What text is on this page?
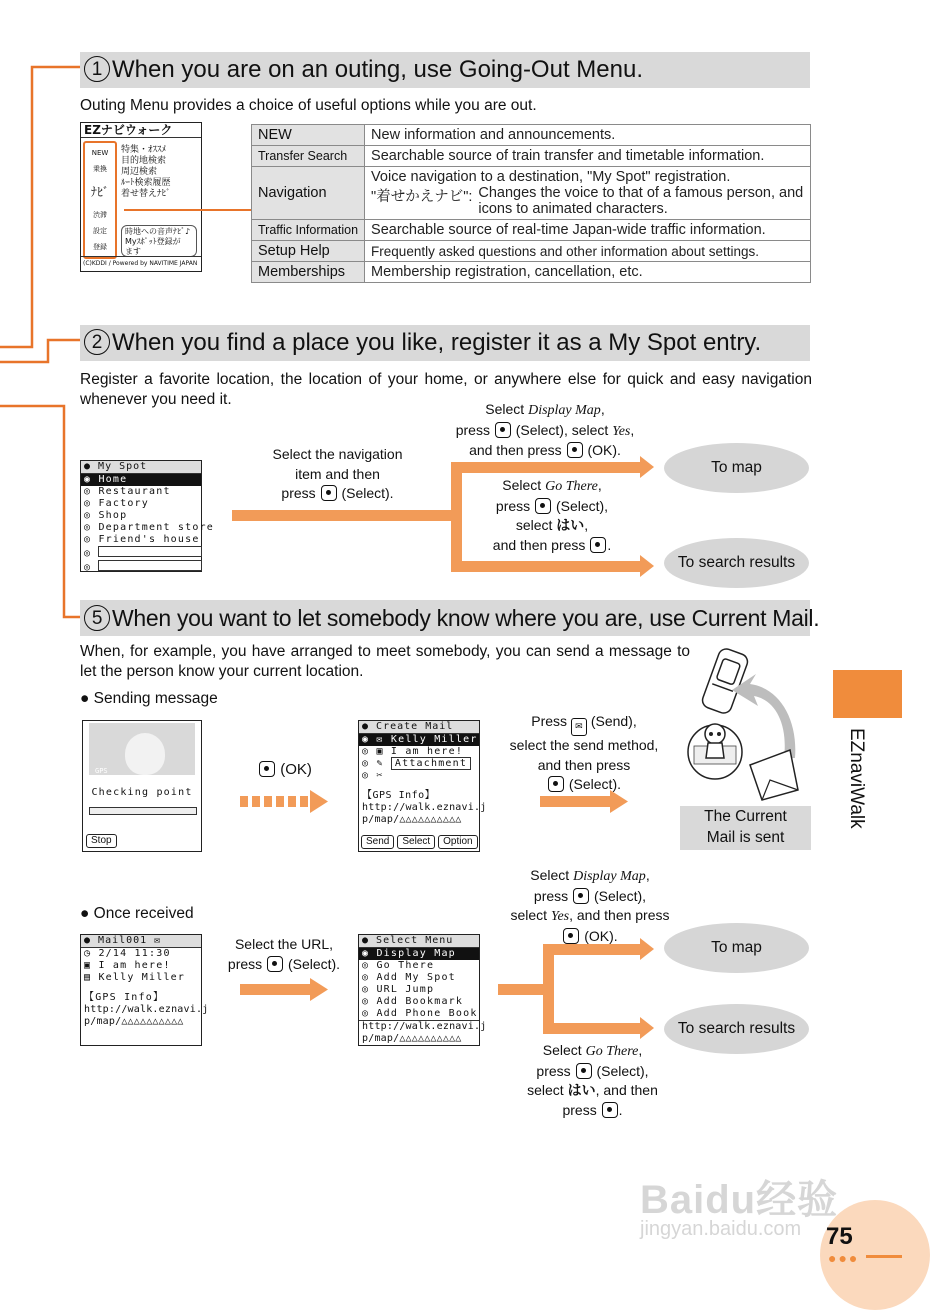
1 When you are on an outing, use Going-Out Menu.
Outing Menu provides a choice of useful options while you are out.
EZナビウォーク
NEW
乗換
ﾅﾋﾞ
渋滞
設定
登録
特集・ｵｽｽﾒ
目的地検索
周辺検索
ﾙｰﾄ検索履歴
着せ替えﾅﾋﾞ
時地への音声ﾅﾋﾞ♪
Myｽﾎﾟｯﾄ登録が
ます
(C)KDDI / Powered by NAVITIME JAPAN
NEW	New information and announcements.
Transfer Search	Searchable source of train transfer and timetable information.
Navigation	Voice navigation to a destination, "My Spot" registration.
"着せかえナビ": Changes the voice to that of a famous person, and icons to animated characters.

Traffic Information	Searchable source of real-time Japan-wide traffic information.
Setup Help	Frequently asked questions and other information about settings.
Memberships	Membership registration, cancellation, etc.
2 When you find a place you like, register it as a My Spot entry.
Register a favorite location, the location of your home, or anywhere else for quick and easy navigation whenever you need it.
● My Spot
◉ Home
◎ Restaurant
◎ Factory
◎ Shop
◎ Department store
◎ Friend's house
◎
◎
Select the navigation
item and then
press (Select).
Select Display Map,
press (Select), select Yes,
and then press (OK).
Select Go There,
press (Select),
select はい,
and then press .
To map
To search results
5 When you want to let somebody know where you are, use Current Mail.
When, for example, you have arranged to meet somebody, you can send a message to let the person know your current location.
● Sending message
GPS
Checking point
Stop
(OK)
● Create Mail
◉ ✉ Kelly Miller
◎ ▣ I am here!
◎ ✎ Attachment
◎ ✂
【GPS Info】
http://walk.eznavi.j
p/map/△△△△△△△△△△
Send	Select	Option
Press ✉ (Send),
select the send method,
and then press
(Select).
The Current
Mail is sent
● Once received
● Mail001 ✉
◷ 2/14 11:30
▣ I am here!
▤ Kelly Miller
【GPS Info】
http://walk.eznavi.j
p/map/△△△△△△△△△△
Select the URL,
press (Select).
● Select Menu
◉ Display Map
◎ Go There
◎ Add My Spot
◎ URL Jump
◎ Add Bookmark
◎ Add Phone Book
http://walk.eznavi.j
p/map/△△△△△△△△△△
Select Display Map,
press (Select),
select Yes, and then press
(OK).
Select Go There,
press (Select),
select はい, and then
press .
To map
To search results
EZnaviWalk
Baidu经验
jingyan.baidu.com 75
●●●
